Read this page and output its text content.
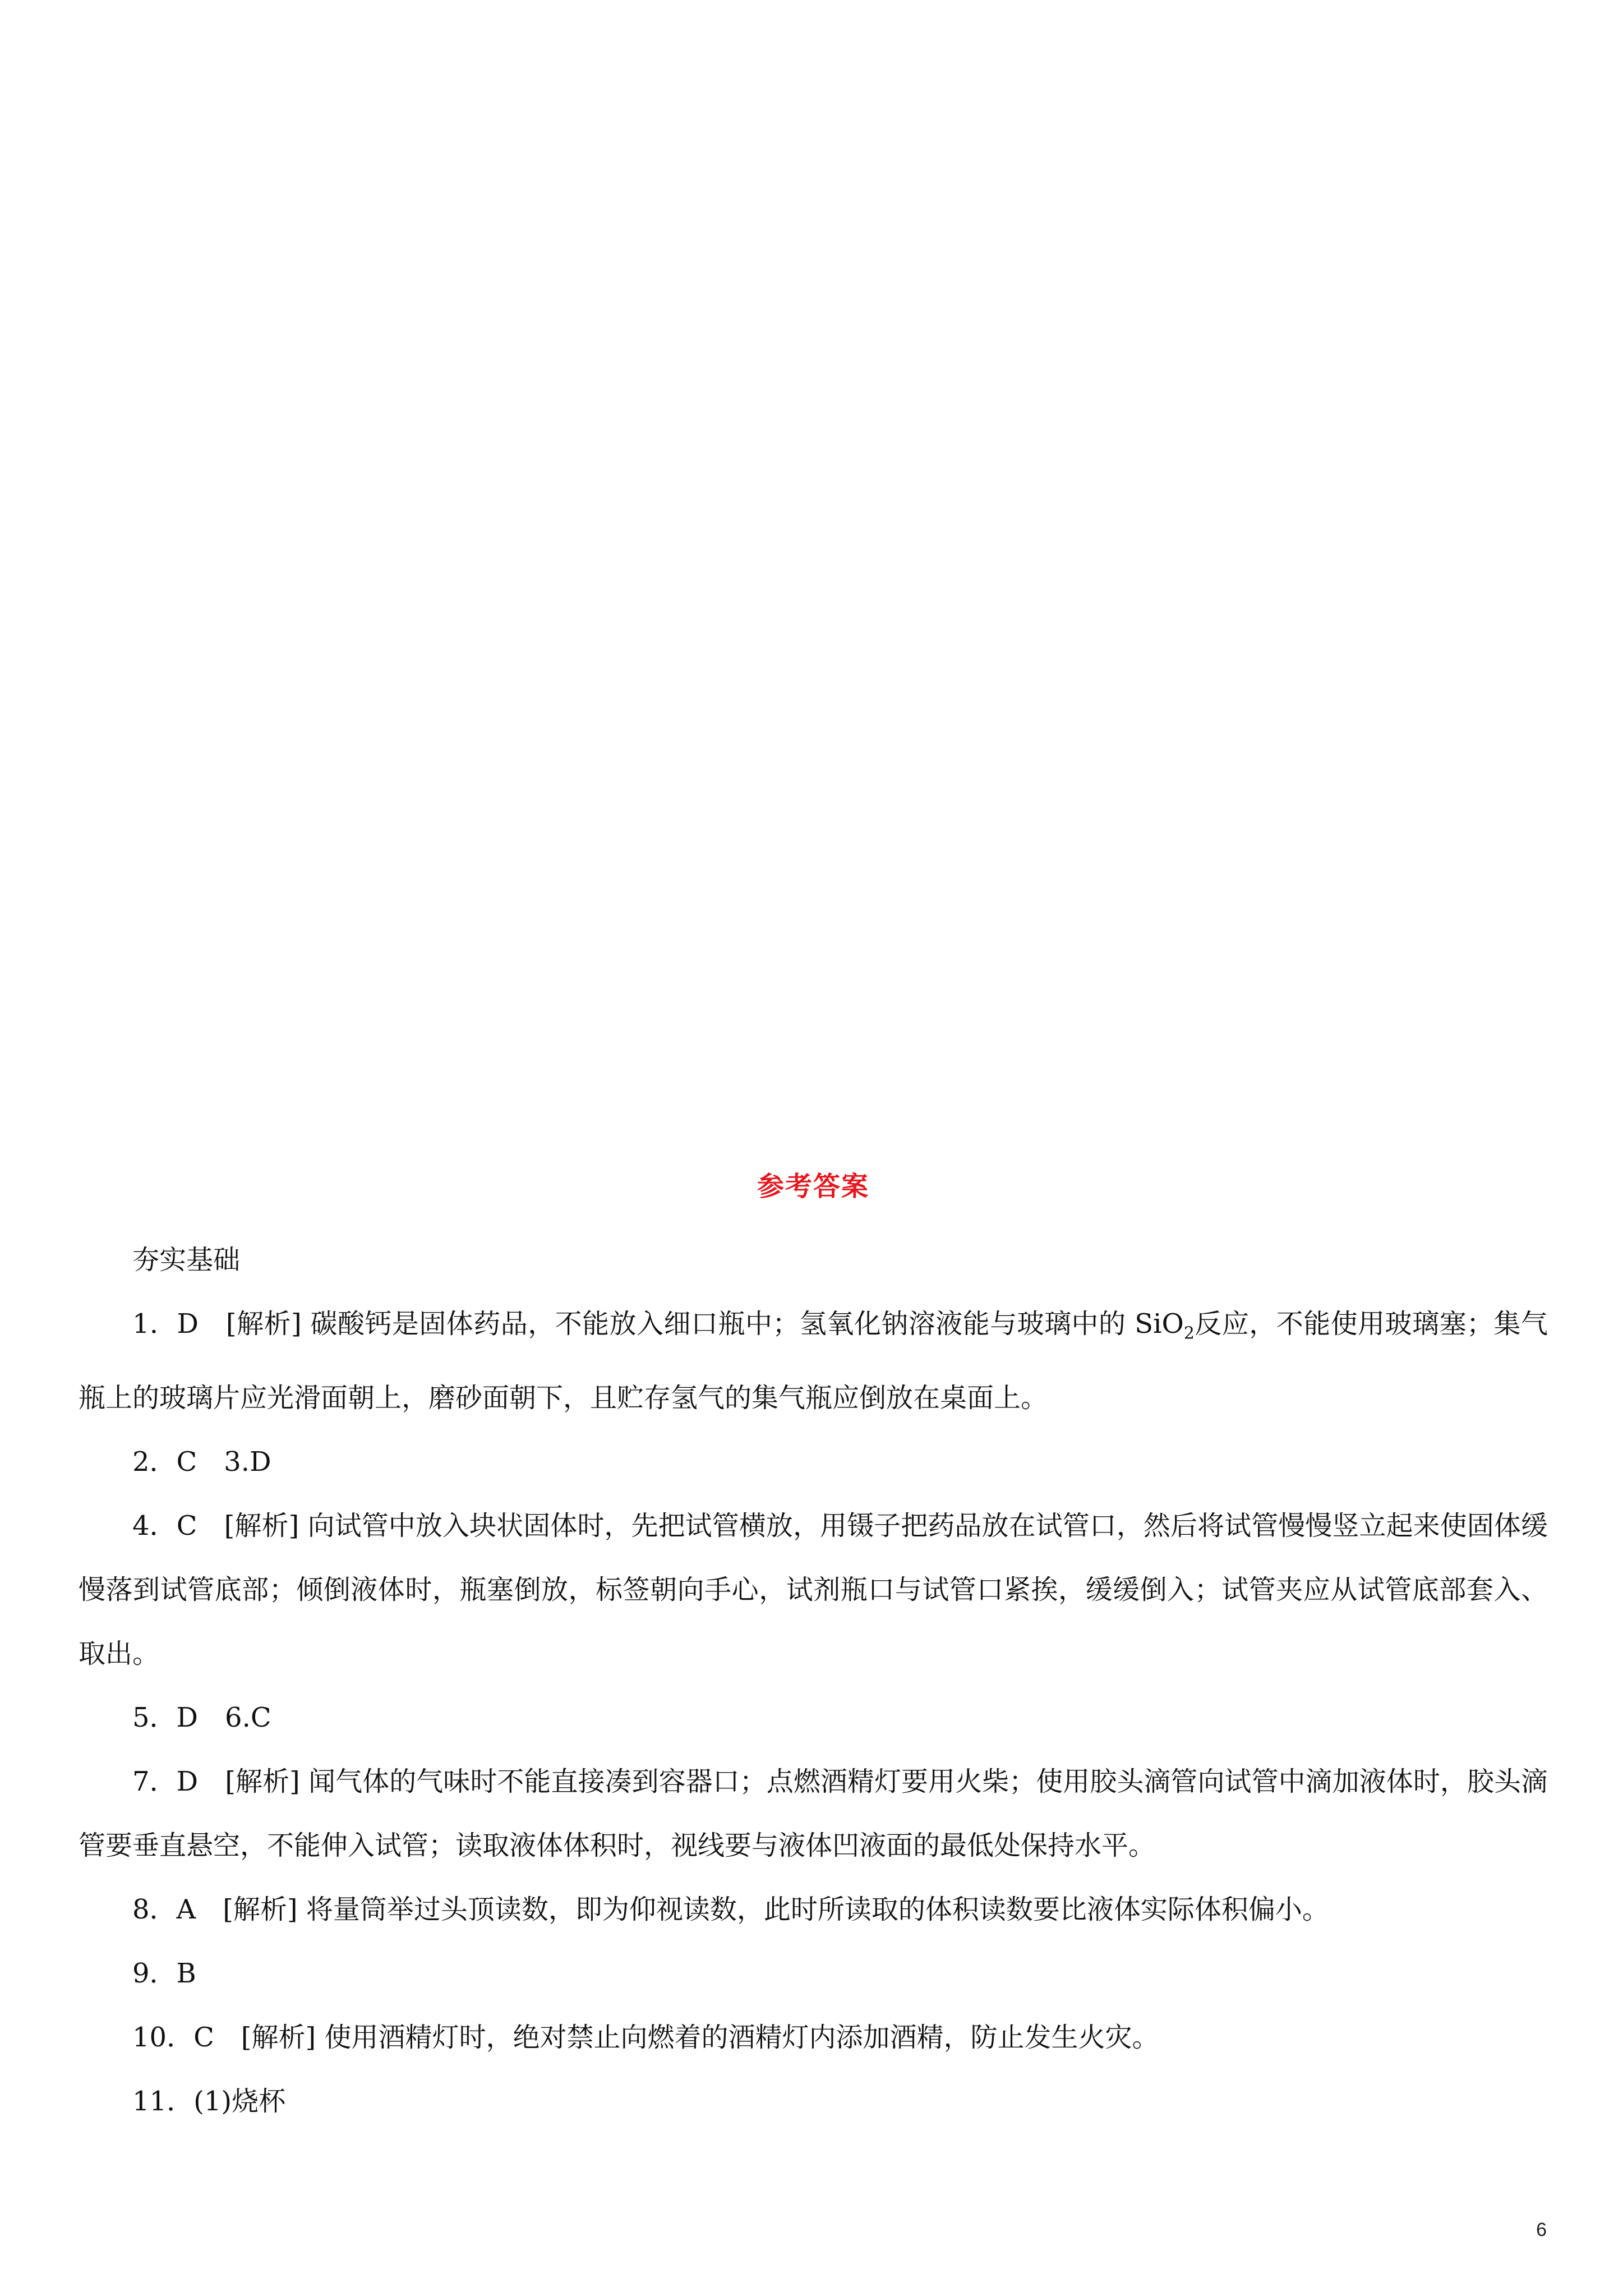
参考答案

夯实基础

1．D　[解析] 碳酸钙是固体药品，不能放入细口瓶中；氢氧化钠溶液能与玻璃中的 SiO$_2$反应，不能使用玻璃塞；集气瓶上的玻璃片应光滑面朝上，磨砂面朝下，且贮存氢气的集气瓶应倒放在桌面上。

2．C　3.D

4．C　[解析] 向试管中放入块状固体时，先把试管横放，用镊子把药品放在试管口，然后将试管慢慢竖立起来使固体缓慢落到试管底部；倾倒液体时，瓶塞倒放，标签朝向手心，试剂瓶口与试管口紧挨，缓缓倒入；试管夹应从试管底部套入、取出。

5．D　6.C

7．D　[解析] 闻气体的气味时不能直接凑到容器口；点燃酒精灯要用火柴；使用胶头滴管向试管中滴加液体时，胶头滴管要垂直悬空，不能伸入试管；读取液体体积时，视线要与液体凹液面的最低处保持水平。

8．A　[解析] 将量筒举过头顶读数，即为仰视读数，此时所读取的体积读数要比液体实际体积偏小。

9．B

10．C　[解析] 使用酒精灯时，绝对禁止向燃着的酒精灯内添加酒精，防止发生火灾。

11．(1)烧杯

6
